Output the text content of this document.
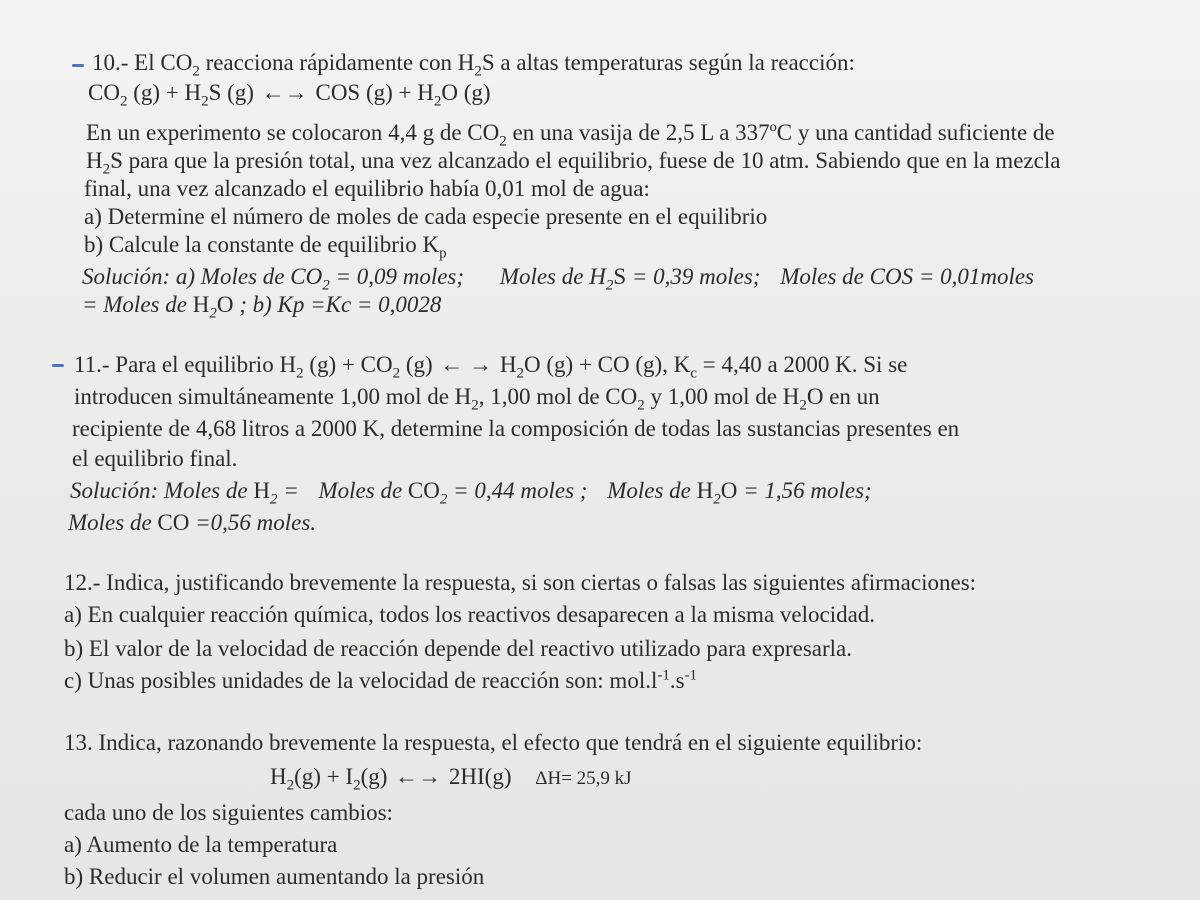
10.- El $CO_2$ reacciona rápidamente con $H_2S$ a altas temperaturas según la reacción:
$CO_2$ $(g) + H_2S$ (g) ←→ COS $(g) + H_2O$ (g)
En un experimento se colocaron 4,4 g de $CO_2$ en una vasija de 2,5 L a 337ºC y una cantidad suficiente de
$H_2S$ para que la presión total, una vez alcanzado el equilibrio, fuese de 10 atm. Sabiendo que en la mezcla
final, una vez alcanzado el equilibrio había 0,01 mol de agua:
a) Determine el número de moles de cada especie presente en el equilibrio
b) Calcule la constante de equilibrio $K_p$
Solución: a) Moles de $CO_2 = 0,09$ moles; Moles de $H_2S = 0,39$ moles; Moles de COS = 0,01moles
= Moles de $H_2O$ ; b) Kp =Kc = 0,0028
11.- Para el equilibrio $H_2$ $(g) + CO_2$ (g) ← → $H_2O$ (g) + CO (g), $K_c = 4,40$ a 2000 K. Si se
introducen simultáneamente 1,00 mol de $H_2$, 1,00 mol de $CO_2$ y 1,00 mol de $H_2O$ en un
recipiente de 4,68 litros a 2000 K, determine la composición de todas las sustancias presentes en
el equilibrio final.
Solución: Moles de $H_2$ = Moles de $CO_2 = 0,44$ moles ; Moles de $H_2O = 1,56$ moles;
Moles de CO =0,56 moles.
12.- Indica, justificando brevemente la respuesta, si son ciertas o falsas las siguientes afirmaciones:
a) En cualquier reacción química, todos los reactivos desaparecen a la misma velocidad.
b) El valor de la velocidad de reacción depende del reactivo utilizado para expresarla.
c) Unas posibles unidades de la velocidad de reacción son: $mol.l^{-1}.s^{-1}$
13. Indica, razonando brevemente la respuesta, el efecto que tendrá en el siguiente equilibrio:
$H_2(g) + I_2(g)$ ←→ 2HI(g) ΔH= 25,9 kJ
cada uno de los siguientes cambios:
a) Aumento de la temperatura
b) Reducir el volumen aumentando la presión
